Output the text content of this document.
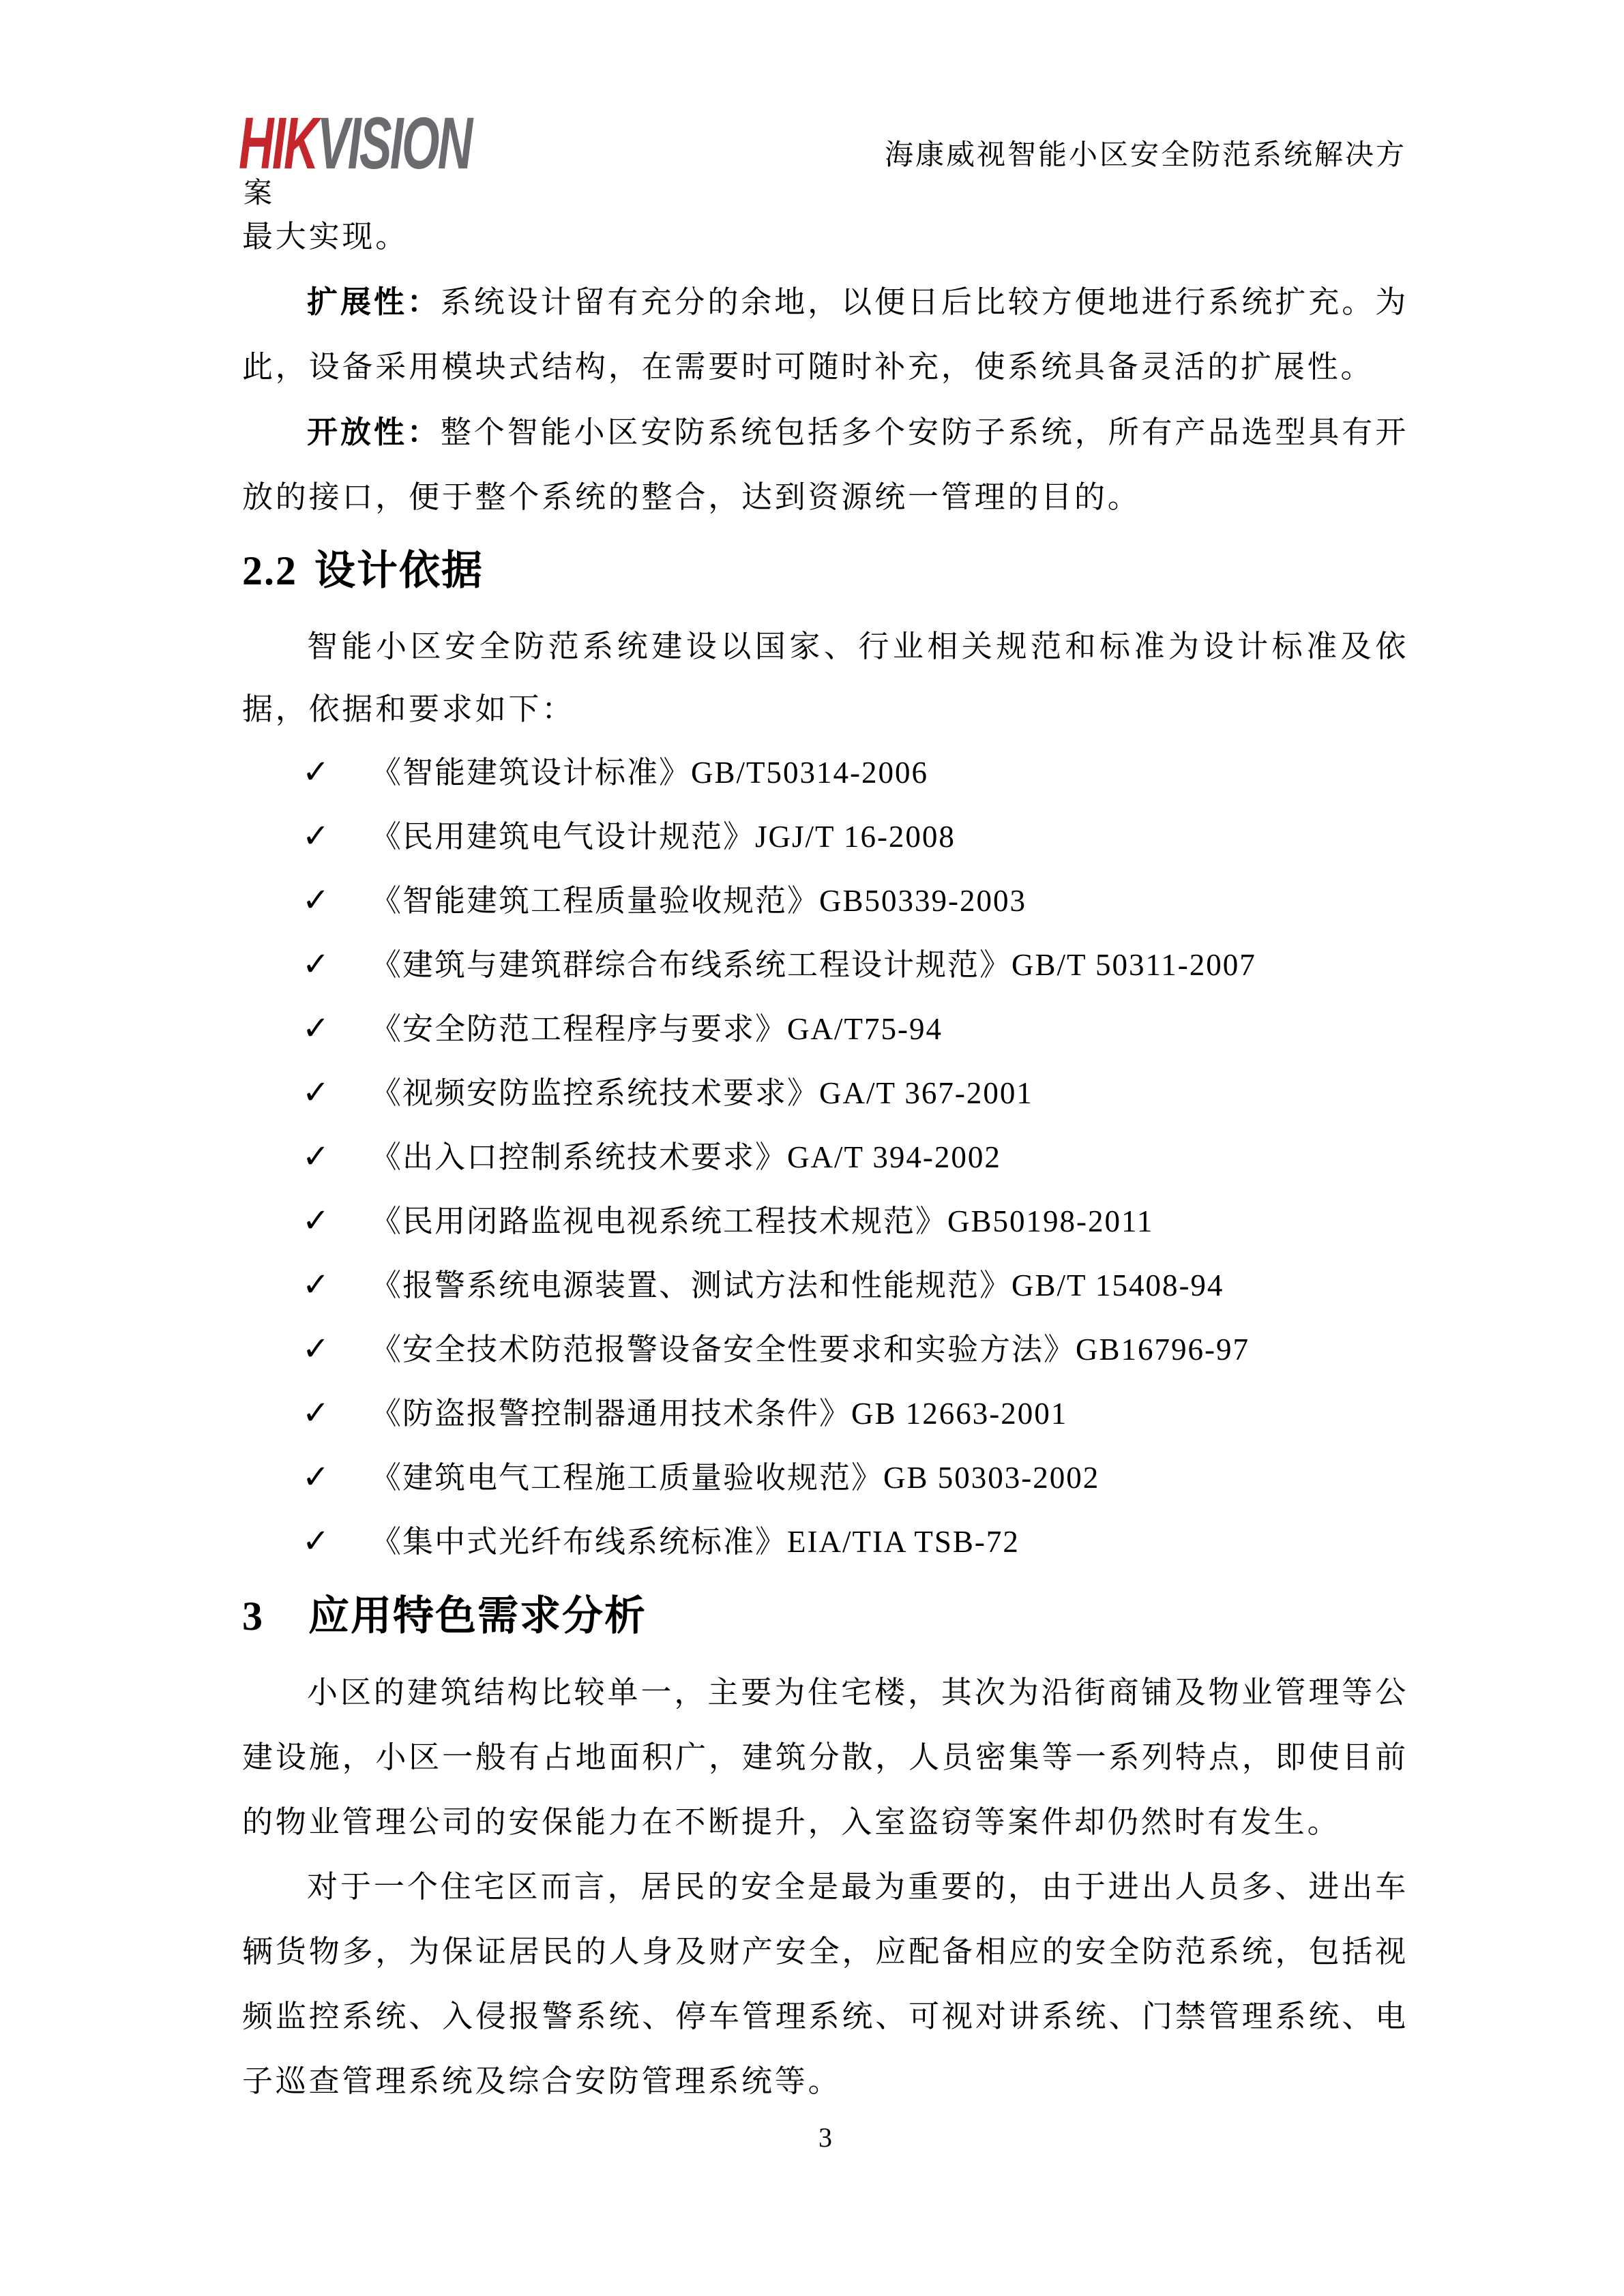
HIKVISION	海康威视智能小区安全防范系统解决方
案

最大实现。

扩展性：系统设计留有充分的余地，以便日后比较方便地进行系统扩充。为此，设备采用模块式结构，在需要时可随时补充，使系统具备灵活的扩展性。

开放性：整个智能小区安防系统包括多个安防子系统，所有产品选型具有开放的接口，便于整个系统的整合，达到资源统一管理的目的。

2.2 设计依据

智能小区安全防范系统建设以国家、行业相关规范和标准为设计标准及依据，依据和要求如下：

✓	《智能建筑设计标准》GB/T50314-2006
✓	《民用建筑电气设计规范》JGJ/T 16-2008
✓	《智能建筑工程质量验收规范》GB50339-2003
✓	《建筑与建筑群综合布线系统工程设计规范》GB/T 50311-2007
✓	《安全防范工程程序与要求》GA/T75-94
✓	《视频安防监控系统技术要求》GA/T 367-2001
✓	《出入口控制系统技术要求》GA/T 394-2002
✓	《民用闭路监视电视系统工程技术规范》GB50198-2011
✓	《报警系统电源装置、测试方法和性能规范》GB/T 15408-94
✓	《安全技术防范报警设备安全性要求和实验方法》GB16796-97
✓	《防盗报警控制器通用技术条件》GB 12663-2001
✓	《建筑电气工程施工质量验收规范》GB 50303-2002
✓	《集中式光纤布线系统标准》EIA/TIA TSB-72
3 应用特色需求分析

小区的建筑结构比较单一，主要为住宅楼，其次为沿街商铺及物业管理等公建设施，小区一般有占地面积广，建筑分散，人员密集等一系列特点，即使目前的物业管理公司的安保能力在不断提升，入室盗窃等案件却仍然时有发生。

对于一个住宅区而言，居民的安全是最为重要的，由于进出人员多、进出车辆货物多，为保证居民的人身及财产安全，应配备相应的安全防范系统，包括视频监控系统、入侵报警系统、停车管理系统、可视对讲系统、门禁管理系统、电子巡查管理系统及综合安防管理系统等。

3
